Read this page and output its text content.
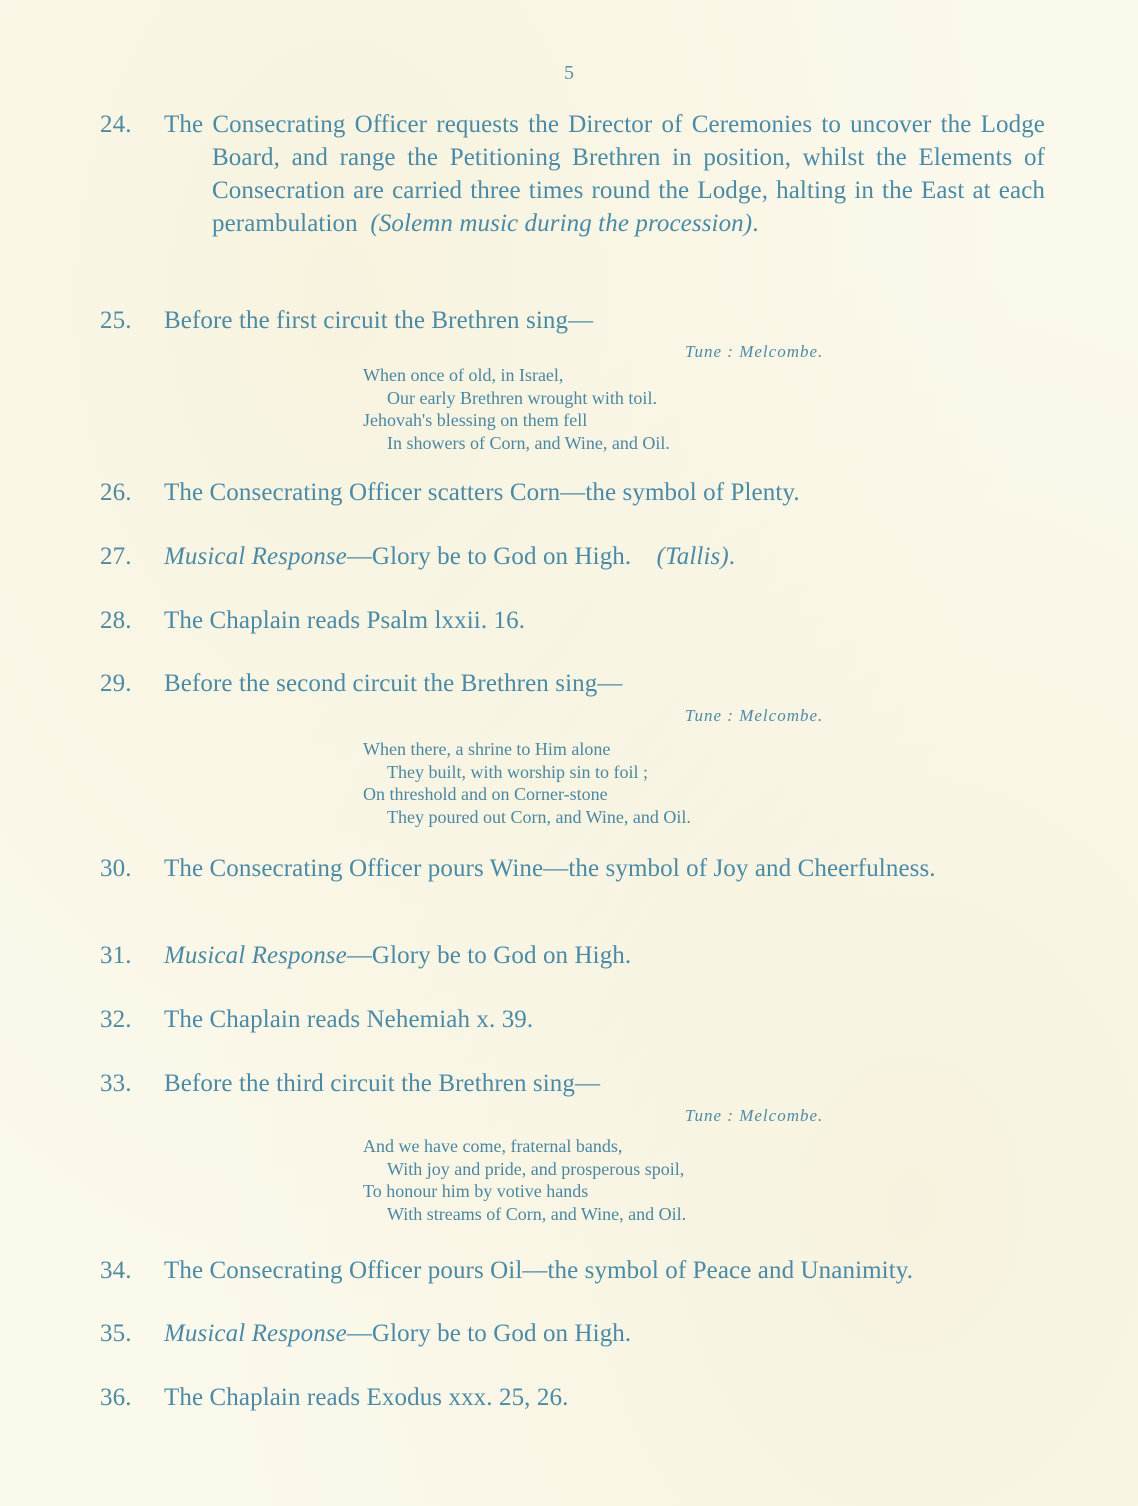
5
24.	The Consecrating Officer requests the Director of Ceremonies to uncover the Lodge Board, and range the Petitioning Brethren in position, whilst the Elements of Consecration are carried three times round the Lodge, halting in the East at each perambulation (Solemn music during the procession).
25.	Before the first circuit the Brethren sing—
Tune : Melcombe.
When once of old, in Israel,
Our early Brethren wrought with toil.
Jehovah's blessing on them fell
In showers of Corn, and Wine, and Oil.
26.	The Consecrating Officer scatters Corn—the symbol of Plenty.
27.	Musical Response—Glory be to God on High. (Tallis).
28.	The Chaplain reads Psalm lxxii. 16.
29.	Before the second circuit the Brethren sing—
Tune : Melcombe.
When there, a shrine to Him alone
They built, with worship sin to foil ;
On threshold and on Corner-stone
They poured out Corn, and Wine, and Oil.
30.	The Consecrating Officer pours Wine—the symbol of Joy and Cheerfulness.
31.	Musical Response—Glory be to God on High.
32.	The Chaplain reads Nehemiah x. 39.
33.	Before the third circuit the Brethren sing—
Tune : Melcombe.
And we have come, fraternal bands,
With joy and pride, and prosperous spoil,
To honour him by votive hands
With streams of Corn, and Wine, and Oil.
34.	The Consecrating Officer pours Oil—the symbol of Peace and Unanimity.
35.	Musical Response—Glory be to God on High.
36.	The Chaplain reads Exodus xxx. 25, 26.
